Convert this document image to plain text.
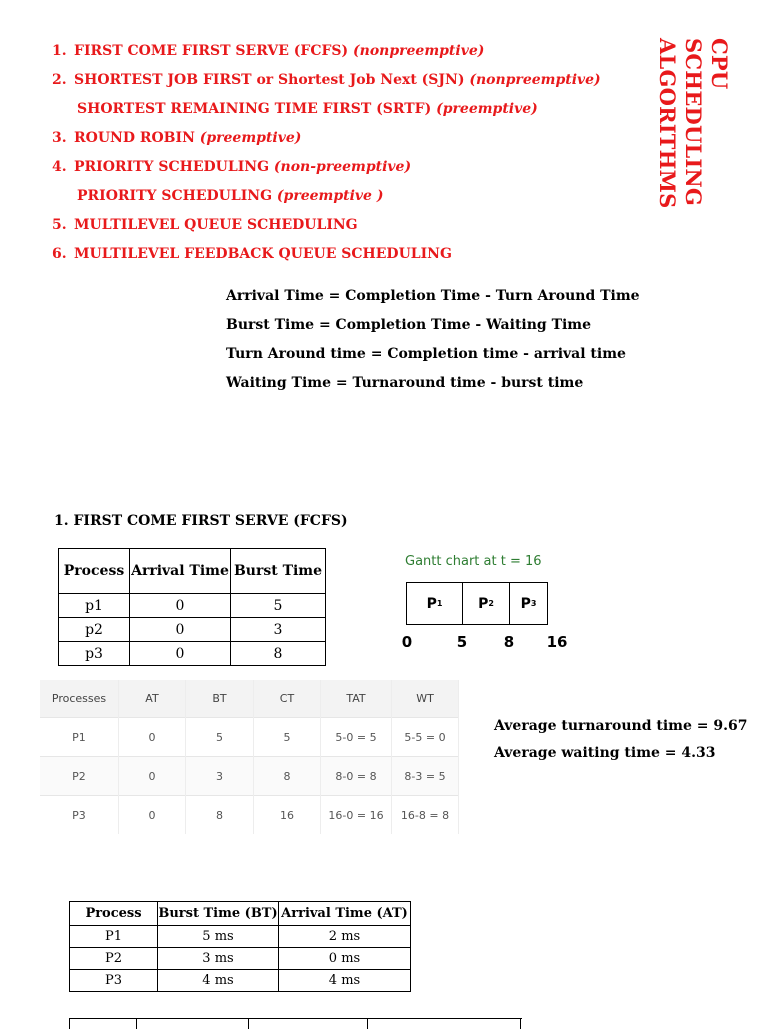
1. FIRST COME FIRST SERVE (FCFS) (nonpreemptive)
2. SHORTEST JOB FIRST or Shortest Job Next (SJN) (nonpreemptive)
SHORTEST REMAINING TIME FIRST (SRTF) (preemptive)
3. ROUND ROBIN (preemptive)
4. PRIORITY SCHEDULING (non-preemptive)
PRIORITY SCHEDULING (preemptive )
5. MULTILEVEL QUEUE SCHEDULING
6. MULTILEVEL FEEDBACK QUEUE SCHEDULING
CPU SCHEDULING ALGORITHMS
Arrival Time = Completion Time - Turn Around Time
Burst Time = Completion Time - Waiting Time
Turn Around time = Completion time - arrival time
Waiting Time = Turnaround time - burst time
1. FIRST COME FIRST SERVE (FCFS)
Process	Arrival Time	Burst Time
p1	0	5
p2	0	3
p3	0	8
Gantt chart at t = 16
P 1	P 2 P 3
0	5 8 16
Processes	AT	BT	CT	TAT	WT
P1	0	5	5	5-0 = 5	5-5 = 0
P2	0	3	8	8-0 = 8	8-3 = 5
P3	0	8	16	16-0 = 16	16-8 = 8
Average turnaround time = 9.67
Average waiting time = 4.33
Process	Burst Time (BT)	Arrival Time (AT)
P1	5 ms	2 ms
P2	3 ms	0 ms
P3	4 ms	4 ms
